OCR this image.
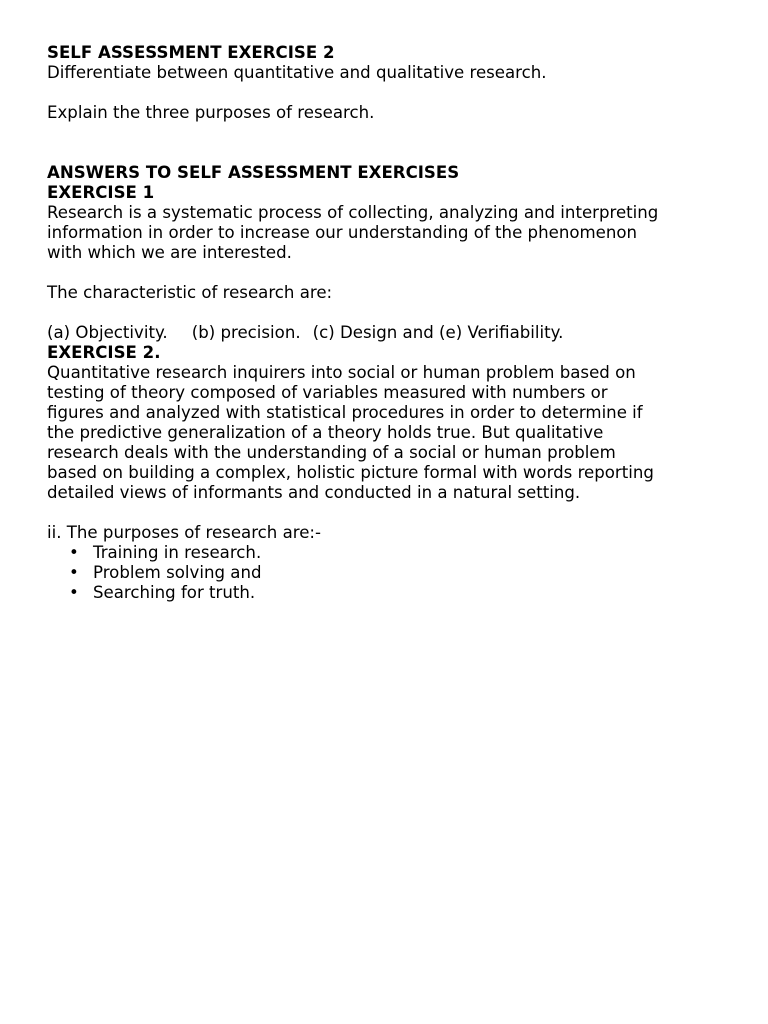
SELF ASSESSMENT EXERCISE 2
Differentiate between quantitative and qualitative research.
Explain the three purposes of research.
ANSWERS TO SELF ASSESSMENT EXERCISES
EXERCISE 1
Research is a systematic process of collecting, analyzing and interpreting
information in order to increase our understanding of the phenomenon
with which we are interested.
The characteristic of research are:
(a) Objectivity. (b) precision. (c) Design and (e) Verifiability.
EXERCISE 2.
Quantitative research inquirers into social or human problem based on
testing of theory composed of variables measured with numbers or
figures and analyzed with statistical procedures in order to determine if
the predictive generalization of a theory holds true. But qualitative
research deals with the understanding of a social or human problem
based on building a complex, holistic picture formal with words reporting
detailed views of informants and conducted in a natural setting.
ii. The purposes of research are:-
• Training in research.
• Problem solving and
• Searching for truth.
